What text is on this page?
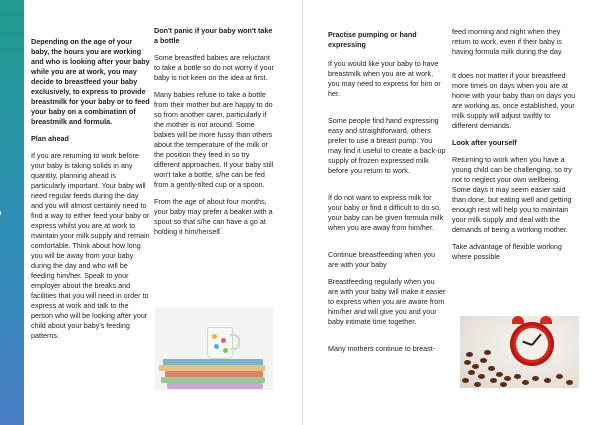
Depending on the age of your baby, the hours you are working and who is looking after your baby while you are at work, you may decide to breastfeed your baby exclusively, to express to provide breastmilk for your baby or to feed your baby on a combination of breastmilk and formula.

Plan ahead

If you are returning to work before your baby is taking solids in any quantity, planning ahead is particularly important. Your baby will need regular feeds during the day and you will almost certainly need to find a way to either feed your baby or express whilst you are at work to maintain your milk supply and remain comfortable. Think about how long you will be away from your baby during the day and who will be feeding him/her. Speak to your employer about the breaks and facilities that you will need in order to express at work and talk to the person who will be looking after your child about your baby's feeding patterns.

Don't panic if your baby won't take a bottle

Some breastfed babies are reluctant to take a bottle so do not worry if your baby is not keen on the idea at first.

Many babies refuse to take a bottle from their mother but are happy to do so from another carer, particularly if the mother is not around. Some babies will be more fussy than others about the temperature of the milk or the position they feed in so try different approaches. If your baby still won't take a bottle, s/he can be fed from a gently-tilted cup or a spoon.

From the age of about four months, your baby may prefer a beaker with a spout so that s/he can have a go at holding it him/herself.

Practise pumping or hand expressing

If you would like your baby to have breastmilk when you are at work, you may need to express for him or her.

Some people find hand expressing easy and straightforward, others prefer to use a breast pump. You may find it useful to create a back-up supply of frozen expressed milk before you return to work.

If do not want to express milk for your baby or find it difficult to do so, your baby can be given formula milk when you are away from him/her.

Continue breastfeeding when you are with your baby

Breastfeeding regularly when you are with your baby will make it easier to express when you are aware from him/her and will give you and your baby intimate time together.

Many mothers continue to breast-

feed morning and night when they return to work, even if their baby is having formula milk during the day.

It does not matter if your breastfeed more times on days when you are at home with your baby than on days you are working as, once established, your milk supply will adjust swiftly to different demands.

Look after yourself

Returning to work when you have a young child can be challenging, so try not to neglect your own wellbeing. Some days it may seem easier said than done, but eating well and getting enough rest will help you to maintain your milk supply and deal with the demands of being a working mother.

Take advantage of flexible working where possible
